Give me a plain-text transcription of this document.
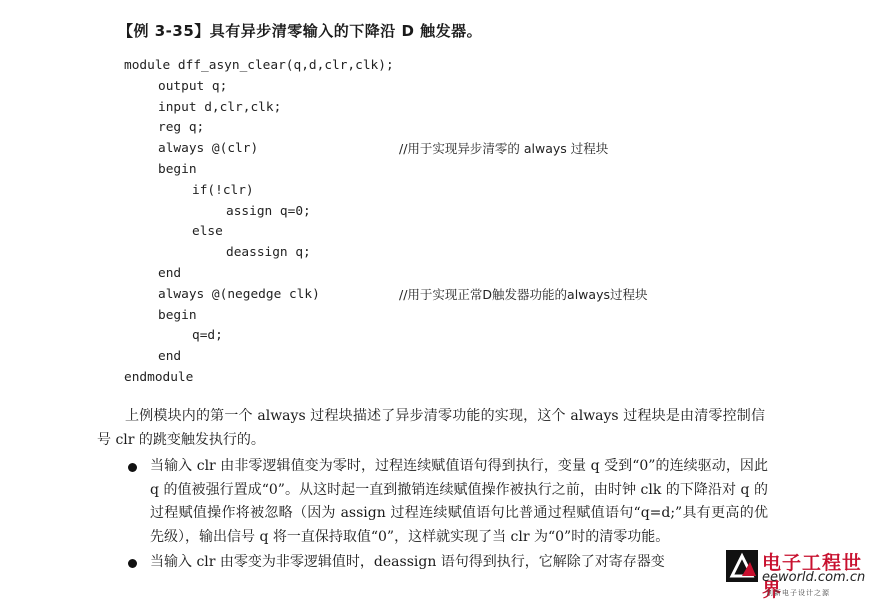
【例 3-35】具有异步清零输入的下降沿 D 触发器。
module dff_asyn_clear(q,d,clr,clk);
output q;
input d,clr,clk;
reg q;
always @(clr)	//用于实现异步清零的 always 过程块
begin
if(!clr)
assign q=0;
else
deassign q;
end
always @(negedge clk)	//用于实现正常D触发器功能的always过程块
begin
q=d;
end
endmodule
上例模块内的第一个 always 过程块描述了异步清零功能的实现，这个 always 过程块是由清零控制信号 clr 的跳变触发执行的。
当输入 clr 由非零逻辑值变为零时，过程连续赋值语句得到执行，变量 q 受到“0”的连续驱动，因此 q 的值被强行置成“0”。从这时起一直到撤销连续赋值操作被执行之前，由时钟 clk 的下降沿对 q 的过程赋值操作将被忽略（因为 assign 过程连续赋值语句比普通过程赋值语句“q=d;”具有更高的优先级），输出信号 q 将一直保持取值“0”，这样就实现了当 clr 为“0”时的清零功能。
当输入 clr 由零变为非零逻辑值时，deassign 语句得到执行，它解除了对寄存器变	电子工程世界
eeworld.com.cn
创新电子设计之源
